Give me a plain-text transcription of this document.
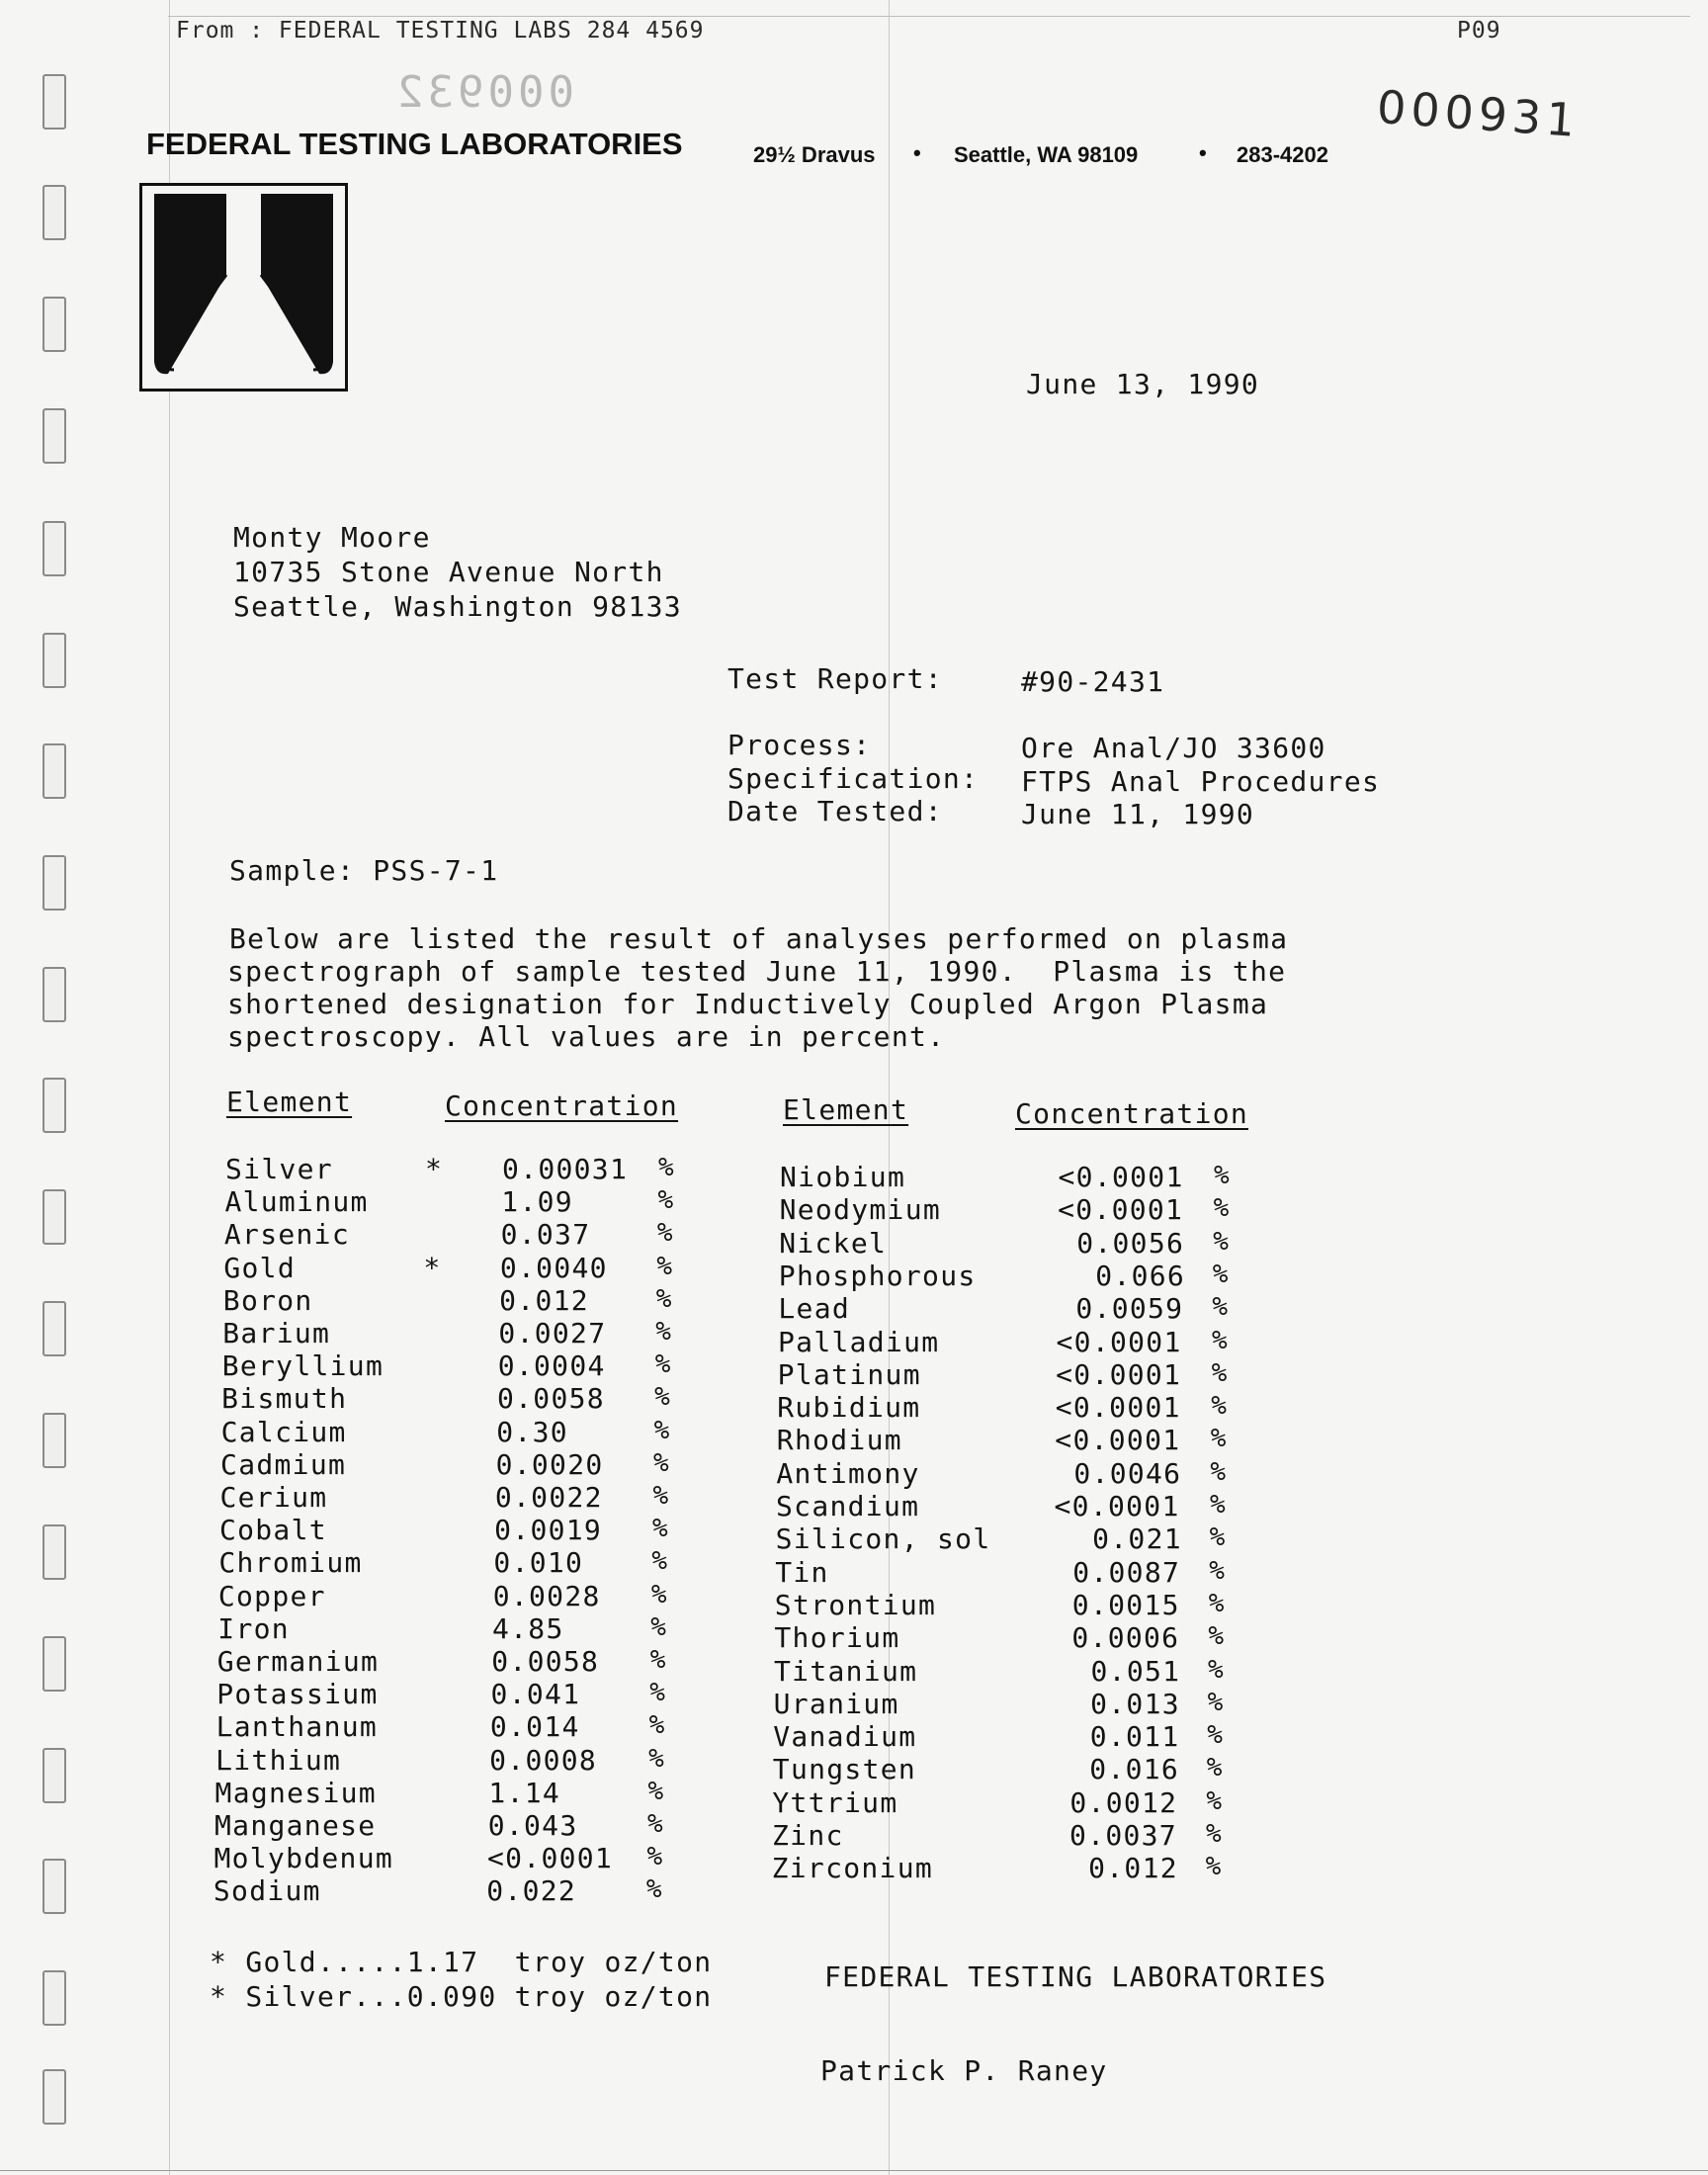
From : FEDERAL TESTING LABS 284 4569	P09
000932	000931
FEDERAL TESTING LABORATORIES	29½ Dravus • Seattle, WA 98109	• 283-4202
June 13, 1990
Monty Moore
10735 Stone Avenue North
Seattle, Washington 98133
Test Report:	#90-2431
Process:	Ore Anal/JO 33600
Specification: FTPS Anal Procedures
Date Tested:	June 11, 1990
Sample: PSS-7-1
Below are listed the result of analyses performed on plasma
spectrograph of sample tested June 11, 1990.  Plasma is the
shortened designation for Inductively Coupled Argon Plasma
spectroscopy. All values are in percent.
Element	Concentration	Element	Concentration
Silver	* 0.00031 %
Aluminum	1.09	%
Arsenic	0.037	%
Gold	* 0.0040 %
Boron	0.012	%
Barium	0.0027 %
Beryllium	0.0004 %
Bismuth	0.0058 %
Calcium	0.30	%
Cadmium	0.0020 %
Cerium	0.0022 %
Cobalt	0.0019 %
Chromium	0.010	%
Copper	0.0028 %
Iron	4.85	%
Germanium	0.0058 %
Potassium	0.041	%
Lanthanum	0.014	%
Lithium	0.0008 %
Magnesium	1.14	%
Manganese	0.043	%
Molybdenum	<0.0001 %
Sodium	0.022	%
Niobium	<0.0001 %
Neodymium	<0.0001 %
Nickel	0.0056 %
Phosphorous	0.066 %
Lead	0.0059 %
Palladium	<0.0001 %
Platinum	<0.0001 %
Rubidium	<0.0001 %
Rhodium	<0.0001 %
Antimony	0.0046 %
Scandium	<0.0001 %
Silicon, sol	0.021 %
Tin	0.0087 %
Strontium	0.0015 %
Thorium	0.0006 %
Titanium	0.051 %
Uranium	0.013 %
Vanadium	0.011 %
Tungsten	0.016 %
Yttrium	0.0012 %
Zinc	0.0037 %
Zirconium	0.012 %
* Gold.....1.17  troy oz/ton
* Silver...0.090 troy oz/ton
FEDERAL TESTING LABORATORIES
Patrick P. Raney
